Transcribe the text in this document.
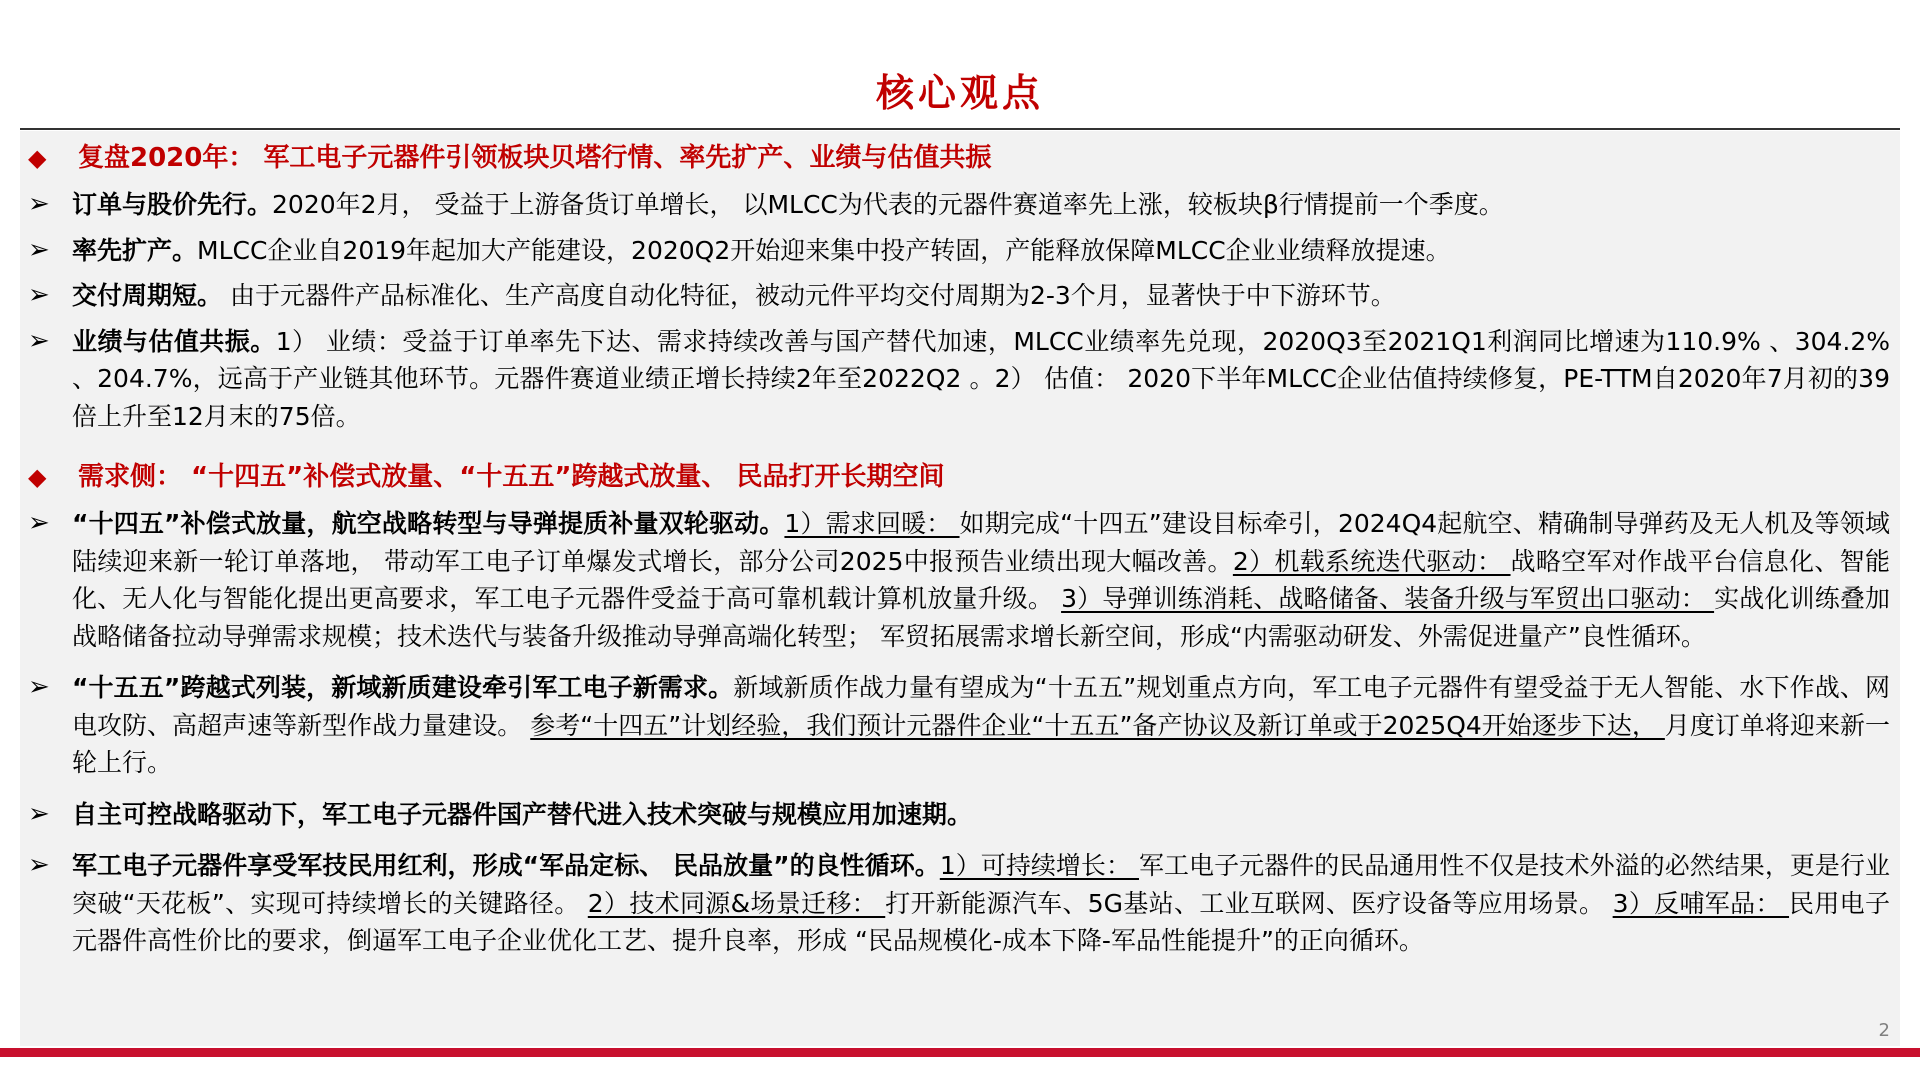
核心观点
◆	复盘2020年： 军工电子元器件引领板块贝塔行情、率先扩产、业绩与估值共振
➢ 订单与股价先行。2020年2月， 受益于上游备货订单增长， 以MLCC为代表的元器件赛道率先上涨，较板块β行情提前一个季度。
➢ 率先扩产。MLCC企业自2019年起加大产能建设，2020Q2开始迎来集中投产转固，产能释放保障MLCC企业业绩释放提速。
➢ 交付周期短。 由于元器件产品标准化、生产高度自动化特征，被动元件平均交付周期为2-3个月，显著快于中下游环节。
➢ 业绩与估值共振。1） 业绩：受益于订单率先下达、需求持续改善与国产替代加速，MLCC业绩率先兑现，2020Q3至2021Q1利润同比增速为110.9% 、304.2% 、204.7%，远高于产业链其他环节。元器件赛道业绩正增长持续2年至2022Q2 。2） 估值： 2020下半年MLCC企业估值持续修复，PE-TTM自2020年7月初的39倍上升至12月末的75倍。
◆	需求侧： “十四五”补偿式放量、“十五五”跨越式放量、 民品打开长期空间
➢ “十四五”补偿式放量，航空战略转型与导弹提质补量双轮驱动。1）需求回暖： 如期完成“十四五”建设目标牵引，2024Q4起航空、精确制导弹药及无人机及等领域陆续迎来新一轮订单落地， 带动军工电子订单爆发式增长，部分公司2025中报预告业绩出现大幅改善。2）机载系统迭代驱动： 战略空军对作战平台信息化、智能化、无人化与智能化提出更高要求，军工电子元器件受益于高可靠机载计算机放量升级。 3）导弹训练消耗、战略储备、装备升级与军贸出口驱动： 实战化训练叠加战略储备拉动导弹需求规模；技术迭代与装备升级推动导弹高端化转型； 军贸拓展需求增长新空间，形成“内需驱动研发、外需促进量产”良性循环。
➢ “十五五”跨越式列装，新域新质建设牵引军工电子新需求。新域新质作战力量有望成为“十五五”规划重点方向，军工电子元器件有望受益于无人智能、水下作战、网电攻防、高超声速等新型作战力量建设。 参考“十四五”计划经验，我们预计元器件企业“十五五”备产协议及新订单或于2025Q4开始逐步下达， 月度订单将迎来新一轮上行。
➢ 自主可控战略驱动下，军工电子元器件国产替代进入技术突破与规模应用加速期。
➢ 军工电子元器件享受军技民用红利，形成“军品定标、 民品放量”的良性循环。1）可持续增长： 军工电子元器件的民品通用性不仅是技术外溢的必然结果，更是行业突破“天花板”、实现可持续增长的关键路径。 2）技术同源&场景迁移： 打开新能源汽车、5G基站、工业互联网、医疗设备等应用场景。 3）反哺军品： 民用电子元器件高性价比的要求，倒逼军工电子企业优化工艺、提升良率，形成 “民品规模化-成本下降-军品性能提升”的正向循环。
2
